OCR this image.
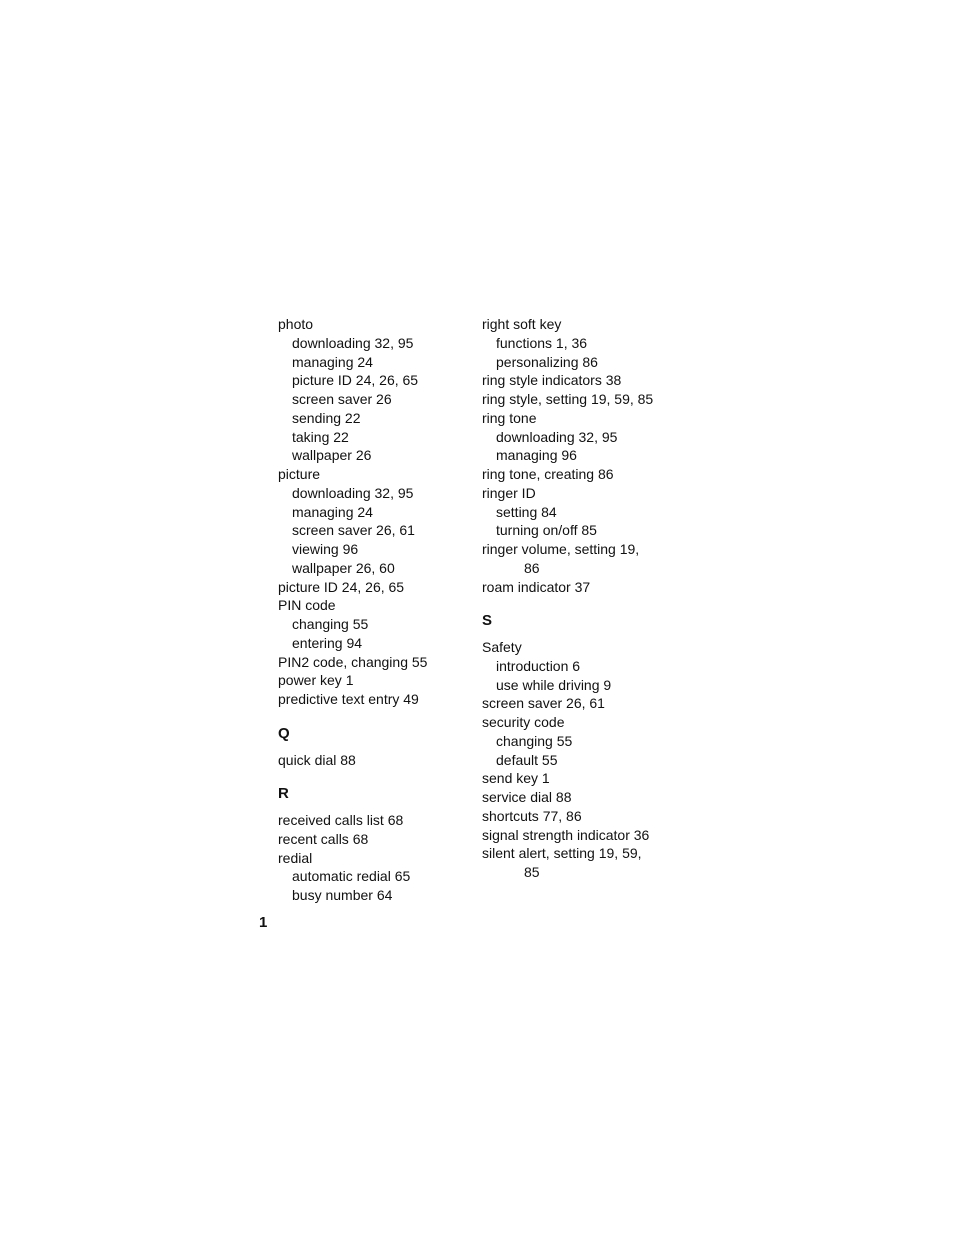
photo
downloading 32, 95
managing 24
picture ID 24, 26, 65
screen saver 26
sending 22
taking 22
wallpaper 26
picture
downloading 32, 95
managing 24
screen saver 26, 61
viewing 96
wallpaper 26, 60
picture ID 24, 26, 65
PIN code
changing 55
entering 94
PIN2 code, changing 55
power key 1
predictive text entry 49
Q
quick dial 88
R
received calls list 68
recent calls 68
redial
automatic redial 65
busy number 64
right soft key
functions 1, 36
personalizing 86
ring style indicators 38
ring style, setting 19, 59, 85
ring tone
downloading 32, 95
managing 96
ring tone, creating 86
ringer ID
setting 84
turning on/off 85
ringer volume, setting 19,
86
roam indicator 37
S
Safety
introduction 6
use while driving 9
screen saver 26, 61
security code
changing 55
default 55
send key 1
service dial 88
shortcuts 77, 86
signal strength indicator 36
silent alert, setting 19, 59,
85
1
